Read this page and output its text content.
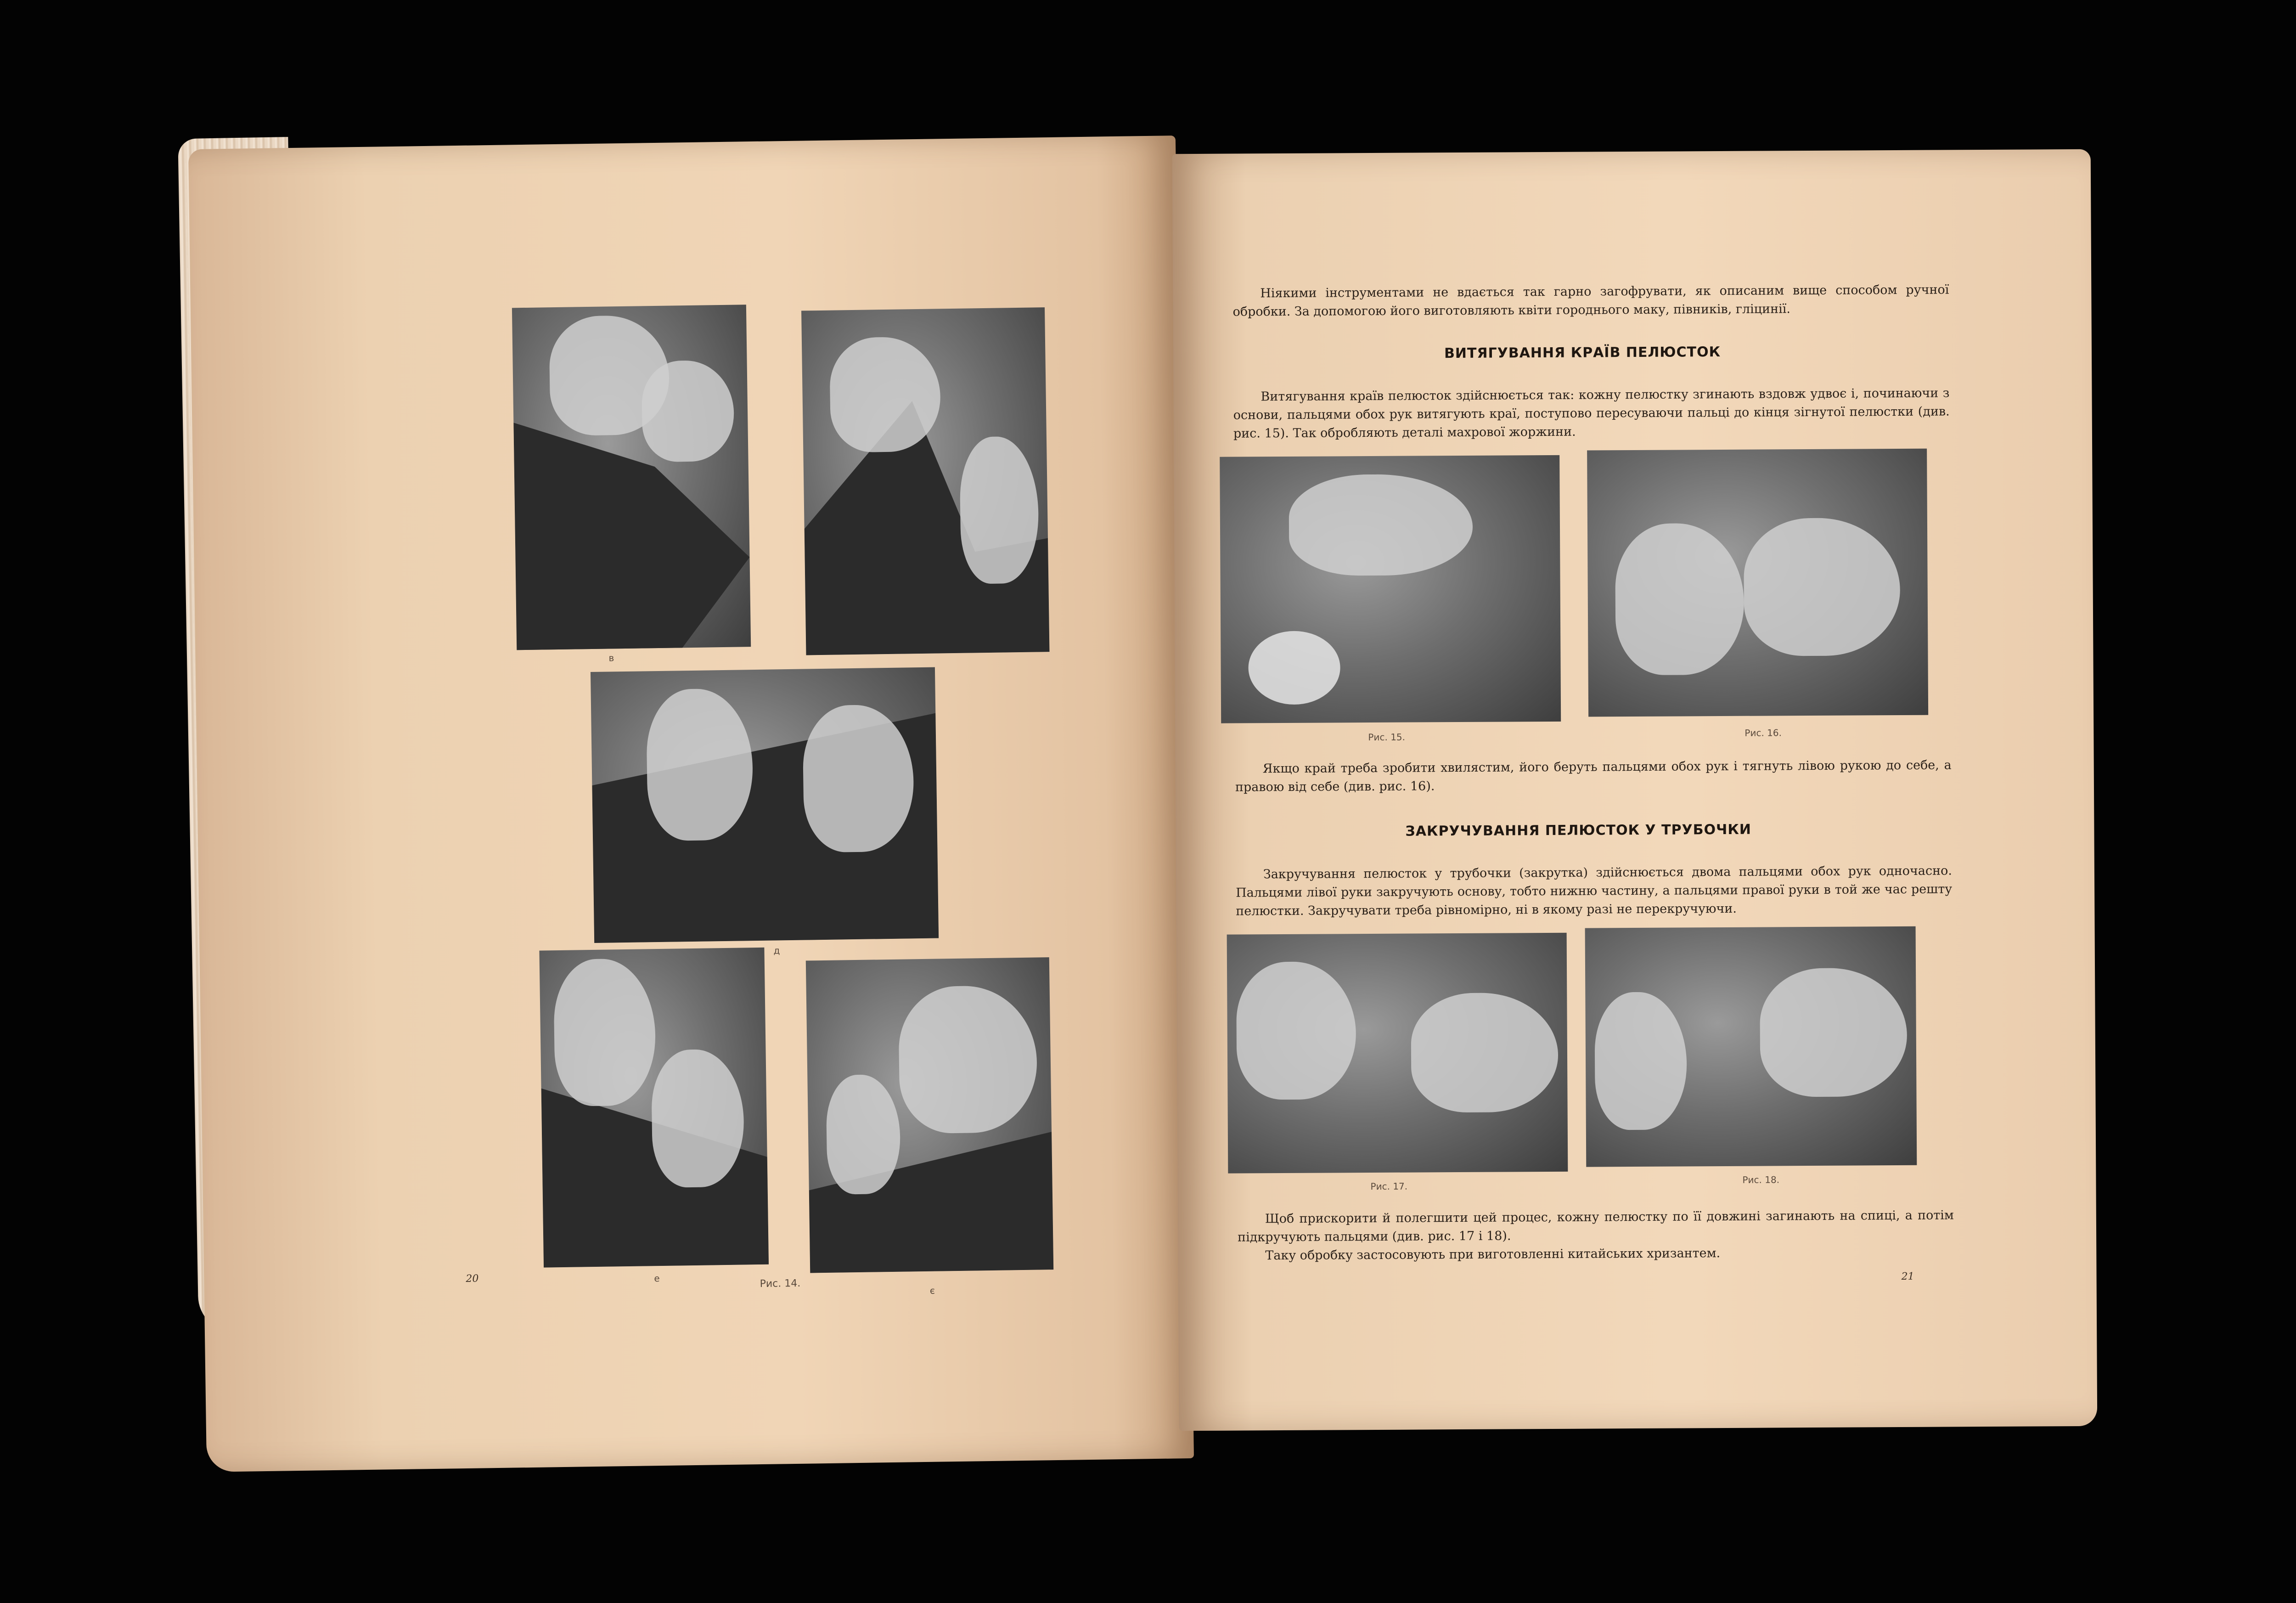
в
д
е
є
Рис. 14.
20
Ніякими інструментами не вдається так гарно загофрувати, як описаним вище способом ручної обробки. За допомогою його виготовляють квіти городнього маку, півників, гліцинії.
ВИТЯГУВАННЯ КРАЇВ ПЕЛЮСТОК
Витягування країв пелюсток здійснюється так: кожну пелюстку згинають вздовж удвоє і, починаючи з основи, пальцями обох рук витягують краї, поступово пересуваючи пальці до кінця зігнутої пелюстки (див. рис. 15). Так обробляють деталі махрової жоржини.
Рис. 15.	Рис. 16.
Якщо край треба зробити хвилястим, його беруть пальцями обох рук і тягнуть лівою рукою до себе, а правою від себе (див. рис. 16).
ЗАКРУЧУВАННЯ ПЕЛЮСТОК У ТРУБОЧКИ
Закручування пелюсток у трубочки (закрутка) здійснюється двома пальцями обох рук одночасно. Пальцями лівої руки закручують основу, тобто нижню частину, а пальцями правої руки в той же час решту пелюстки. Закручувати треба рівномірно, ні в якому разі не перекручуючи.
Рис. 17.
Рис. 18.
Щоб прискорити й полегшити цей процес, кожну пелюстку по її довжині загинають на спиці, а потім підкручують пальцями (див. рис. 17 і 18).
Таку обробку застосовують при виготовленні китайських хризантем.
21
